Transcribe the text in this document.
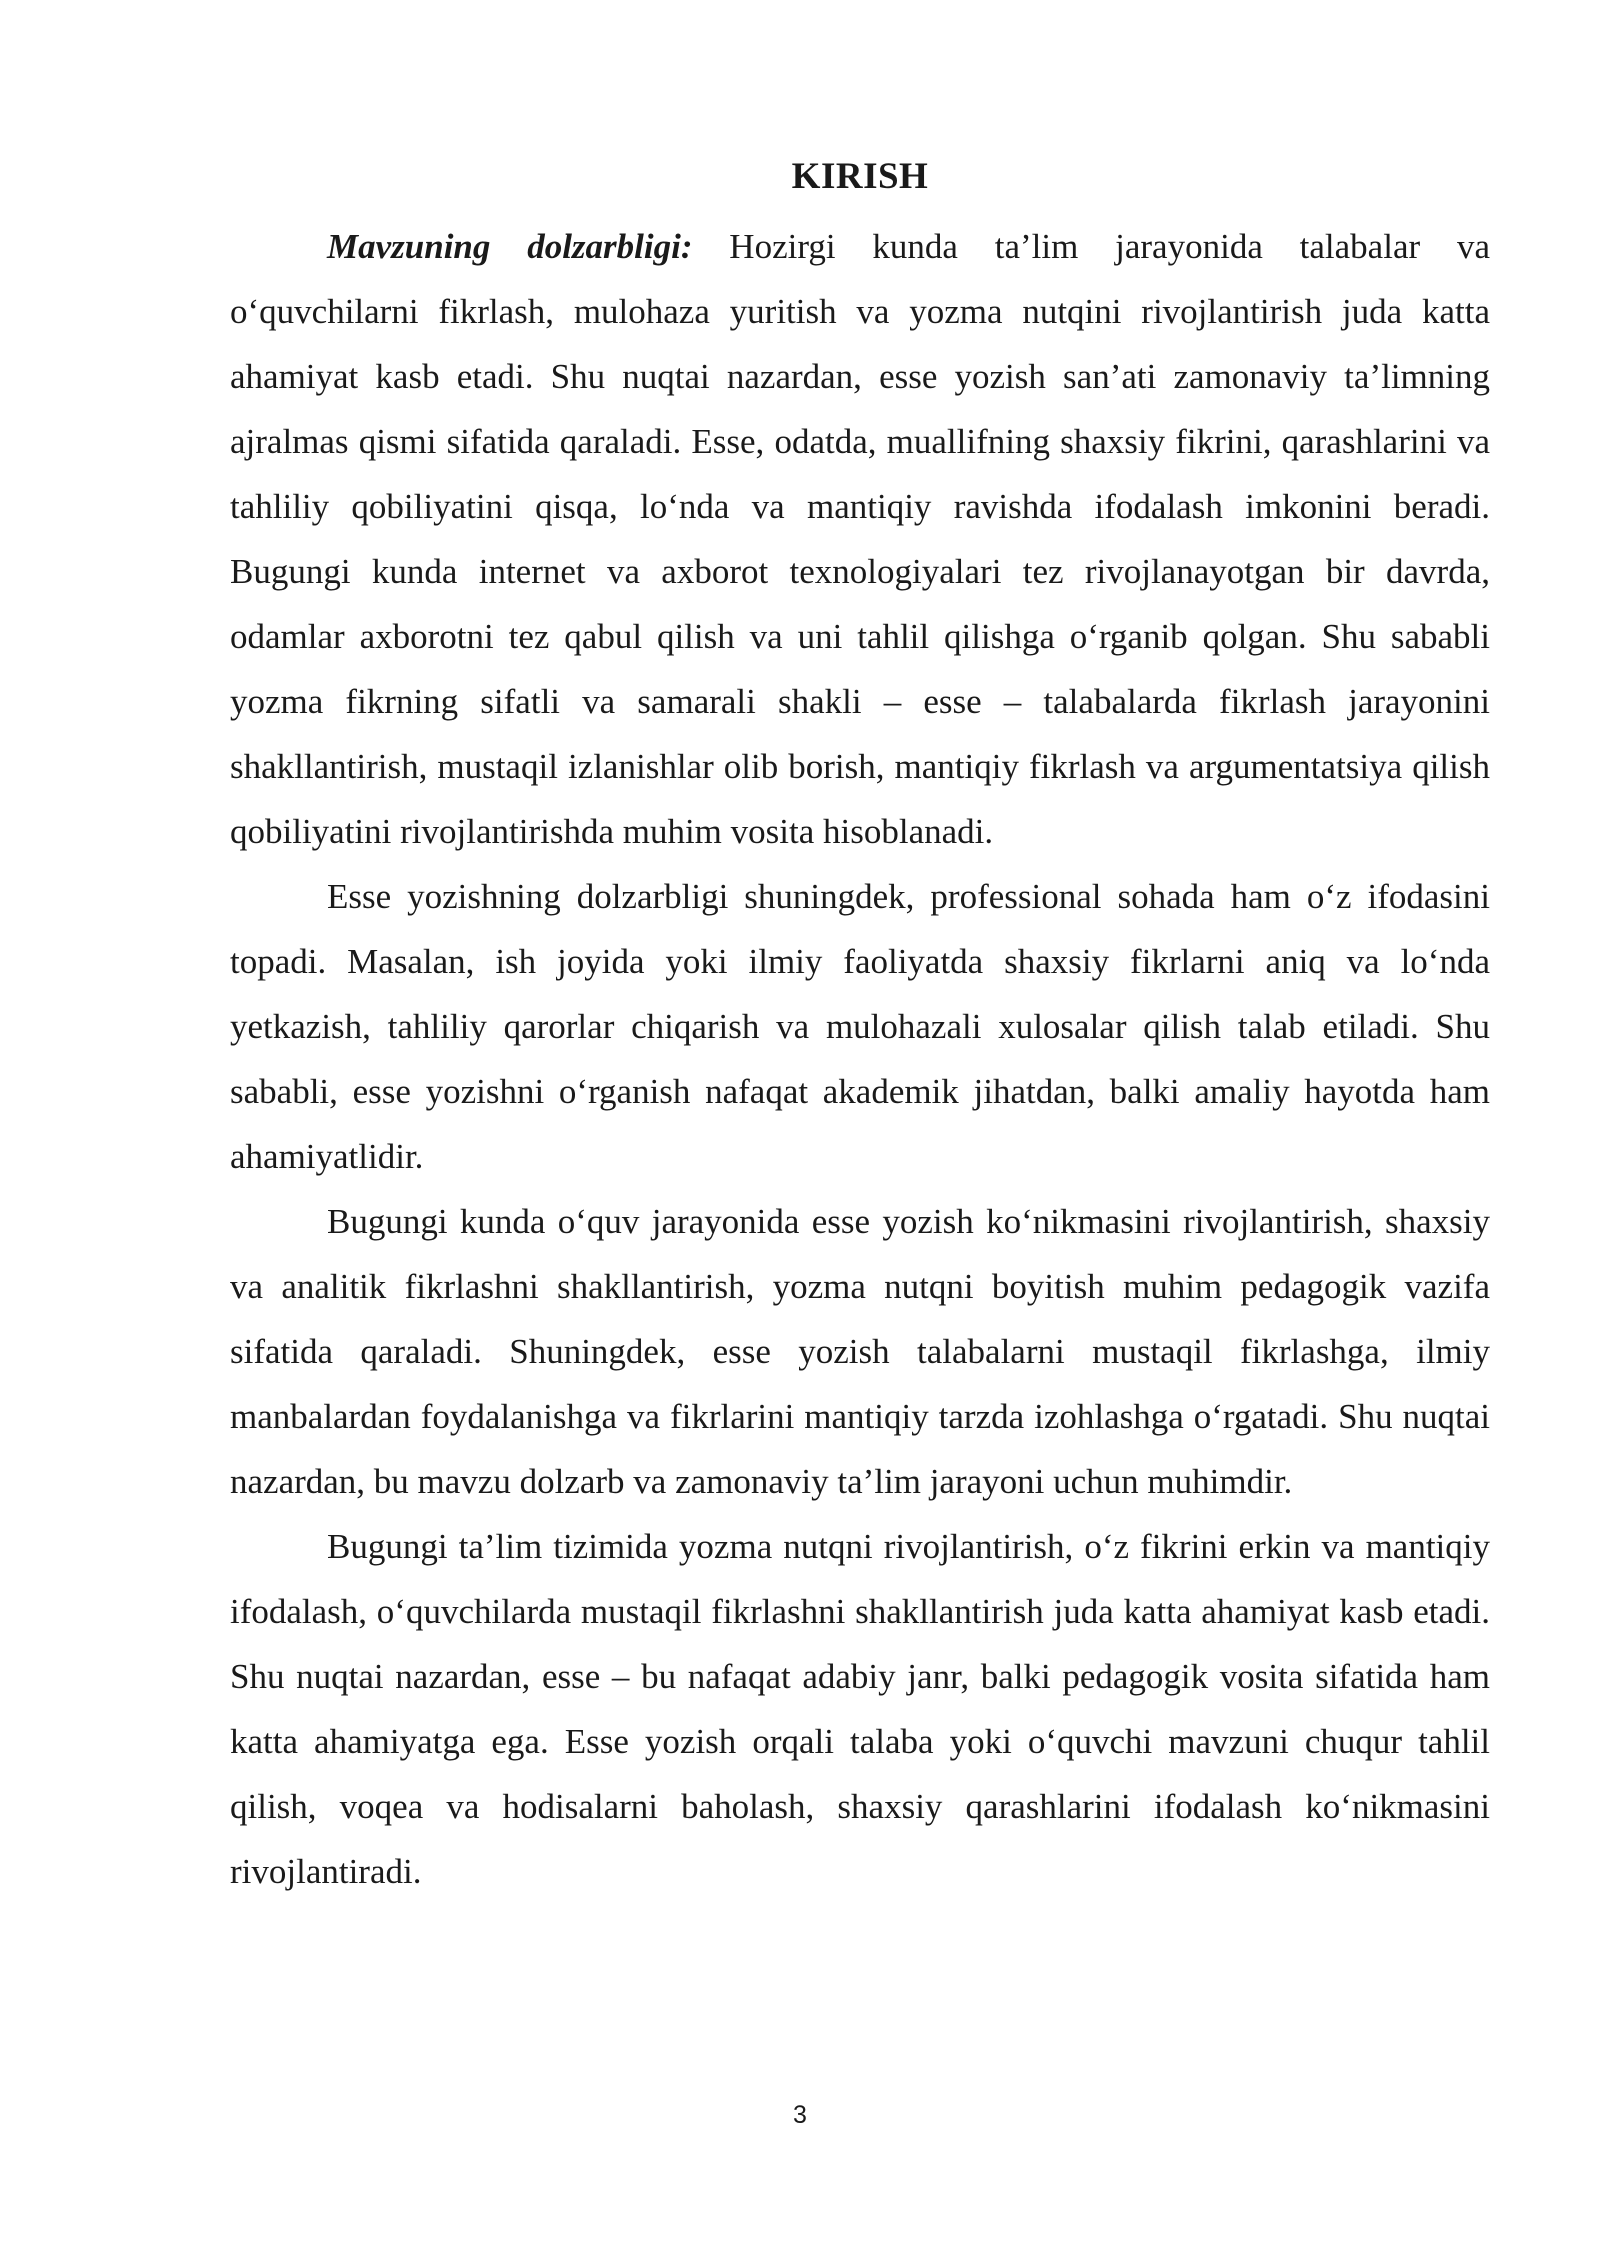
KIRISH

Mavzuning dolzarbligi: Hozirgi kunda ta’lim jarayonida talabalar va o‘quvchilarni fikrlash, mulohaza yuritish va yozma nutqini rivojlantirish juda katta ahamiyat kasb etadi. Shu nuqtai nazardan, esse yozish san’ati zamonaviy ta’limning ajralmas qismi sifatida qaraladi. Esse, odatda, muallifning shaxsiy fikrini, qarashlarini va tahliliy qobiliyatini qisqa, lo‘nda va mantiqiy ravishda ifodalash imkonini beradi. Bugungi kunda internet va axborot texnologiyalari tez rivojlanayotgan bir davrda, odamlar axborotni tez qabul qilish va uni tahlil qilishga o‘rganib qolgan. Shu sababli yozma fikrning sifatli va samarali shakli – esse – talabalarda fikrlash jarayonini shakllantirish, mustaqil izlanishlar olib borish, mantiqiy fikrlash va argumentatsiya qilish qobiliyatini rivojlantirishda muhim vosita hisoblanadi.

Esse yozishning dolzarbligi shuningdek, professional sohada ham o‘z ifodasini topadi. Masalan, ish joyida yoki ilmiy faoliyatda shaxsiy fikrlarni aniq va lo‘nda yetkazish, tahliliy qarorlar chiqarish va mulohazali xulosalar qilish talab etiladi. Shu sababli, esse yozishni o‘rganish nafaqat akademik jihatdan, balki amaliy hayotda ham ahamiyatlidir.

Bugungi kunda o‘quv jarayonida esse yozish ko‘nikmasini rivojlantirish, shaxsiy va analitik fikrlashni shakllantirish, yozma nutqni boyitish muhim pedagogik vazifa sifatida qaraladi. Shuningdek, esse yozish talabalarni mustaqil fikrlashga, ilmiy manbalardan foydalanishga va fikrlarini mantiqiy tarzda izohlashga o‘rgatadi. Shu nuqtai nazardan, bu mavzu dolzarb va zamonaviy ta’lim jarayoni uchun muhimdir.

Bugungi ta’lim tizimida yozma nutqni rivojlantirish, o‘z fikrini erkin va mantiqiy ifodalash, o‘quvchilarda mustaqil fikrlashni shakllantirish juda katta ahamiyat kasb etadi. Shu nuqtai nazardan, esse – bu nafaqat adabiy janr, balki pedagogik vosita sifatida ham katta ahamiyatga ega. Esse yozish orqali talaba yoki o‘quvchi mavzuni chuqur tahlil qilish, voqea va hodisalarni baholash, shaxsiy qarashlarini ifodalash ko‘nikmasini rivojlantiradi.

3
